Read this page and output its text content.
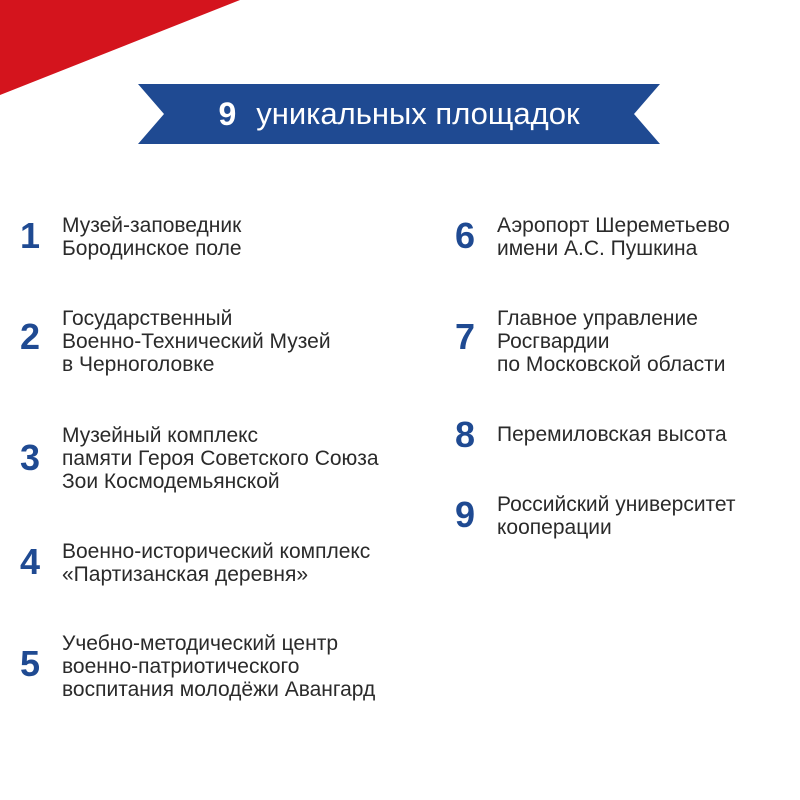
9 уникальных площадок
1	Музей-заповедник
Бородинское поле
2	Государственный
Военно-Технический Музей
в Черноголовке
3
Музейный комплекс
памяти Героя Советского Союза
Зои Космодемьянской
4	Военно-исторический комплекс
«Партизанская деревня»
5	Учебно-методический центр
военно-патриотического
воспитания молодёжи Авангард
6	Аэропорт Шереметьево
имени А.С. Пушкина
7	Главное управление
Росгвардии
по Московской области
8	Перемиловская высота
9	Российский университет
кооперации
